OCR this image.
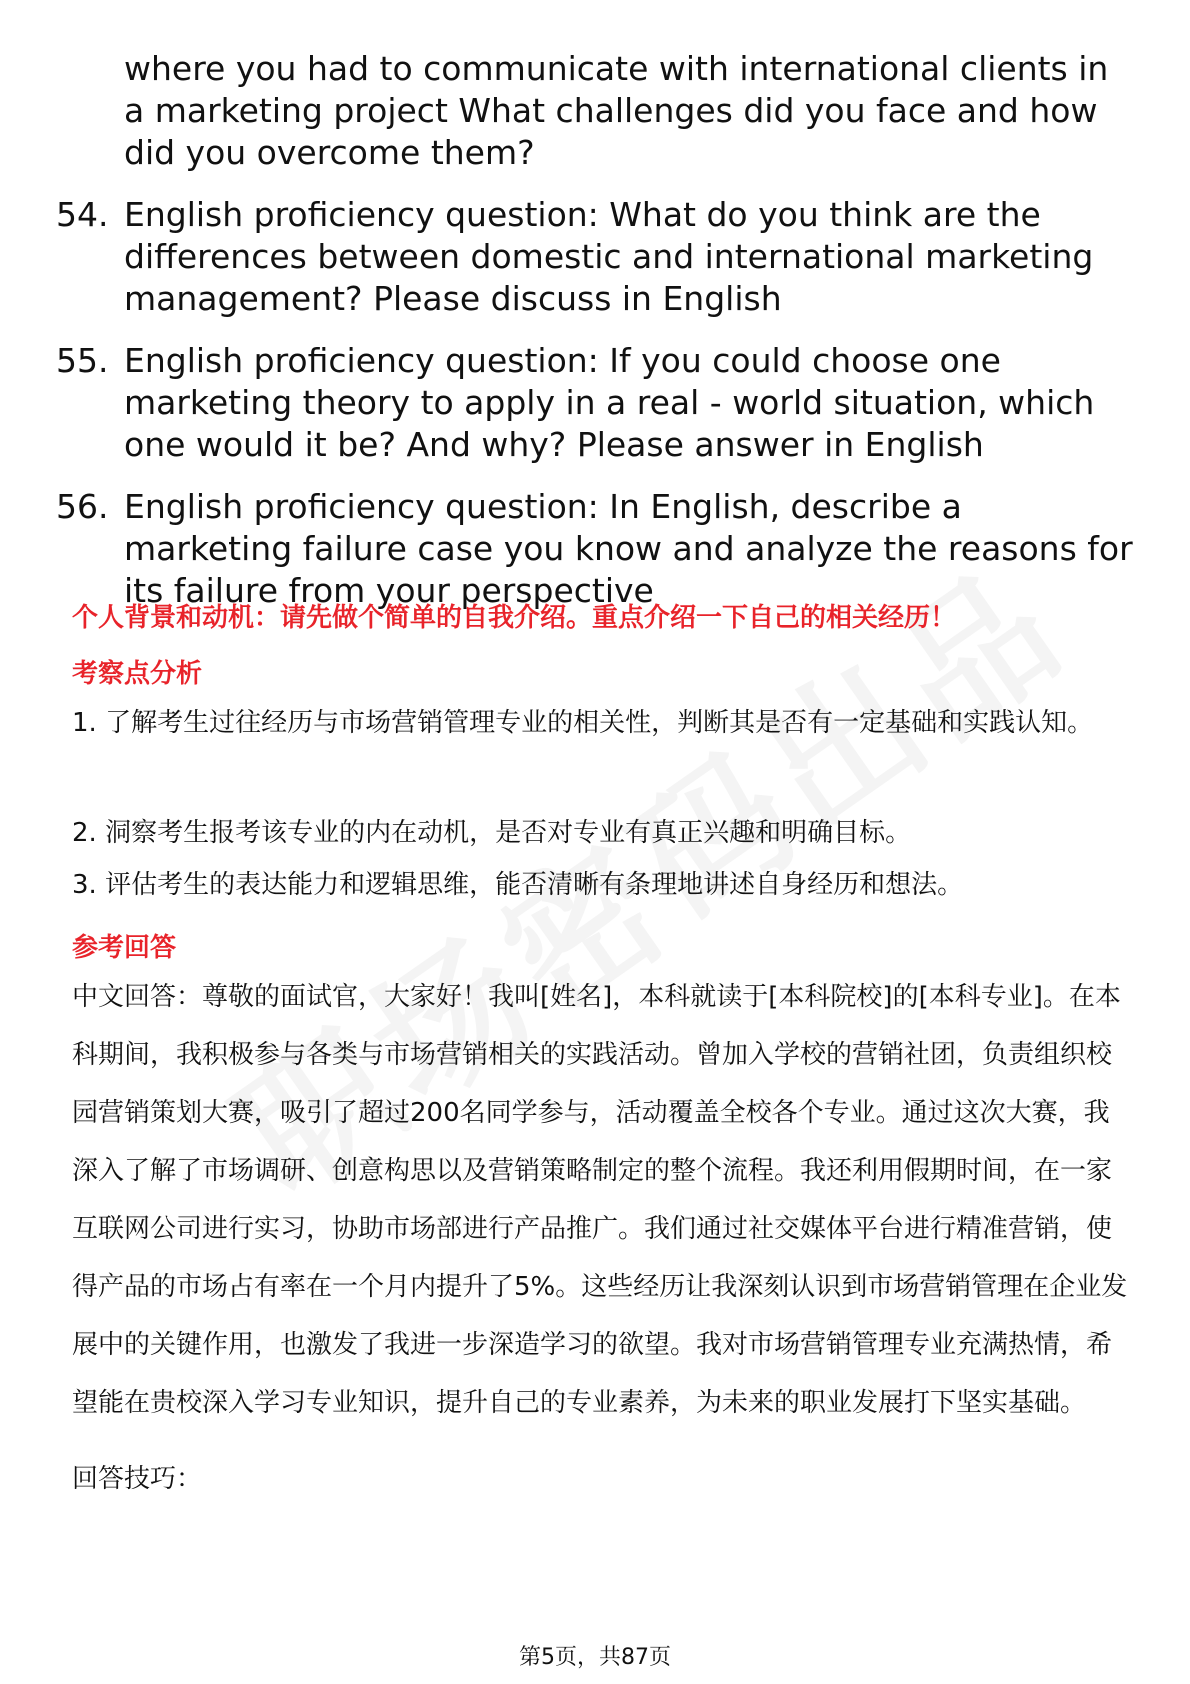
where you had to communicate with international clients in a marketing project What challenges did you face and how did you overcome them?
54. English proficiency question: What do you think are the differences between domestic and international marketing management? Please discuss in English
55. English proficiency question: If you could choose one marketing theory to apply in a real - world situation, which one would it be? And why? Please answer in English
56. English proficiency question: In English, describe a marketing failure case you know and analyze the reasons for its failure from your perspective
个人背景和动机：请先做个简单的自我介绍。重点介绍一下自己的相关经历！
考察点分析
1. 了解考生过往经历与市场营销管理专业的相关性，判断其是否有一定基础和实践认知。
2. 洞察考生报考该专业的内在动机，是否对专业有真正兴趣和明确目标。
3. 评估考生的表达能力和逻辑思维，能否清晰有条理地讲述自身经历和想法。
参考回答
中文回答：尊敬的面试官，大家好！我叫[姓名]，本科就读于[本科院校]的[本科专业]。在本科期间，我积极参与各类与市场营销相关的实践活动。曾加入学校的营销社团，负责组织校园营销策划大赛，吸引了超过200名同学参与，活动覆盖全校各个专业。通过这次大赛，我深入了解了市场调研、创意构思以及营销策略制定的整个流程。我还利用假期时间，在一家互联网公司进行实习，协助市场部进行产品推广。我们通过社交媒体平台进行精准营销，使得产品的市场占有率在一个月内提升了5%。这些经历让我深刻认识到市场营销管理在企业发展中的关键作用，也激发了我进一步深造学习的欲望。我对市场营销管理专业充满热情，希望能在贵校深入学习专业知识，提升自己的专业素养，为未来的职业发展打下坚实基础。
回答技巧：
第5页，共87页
